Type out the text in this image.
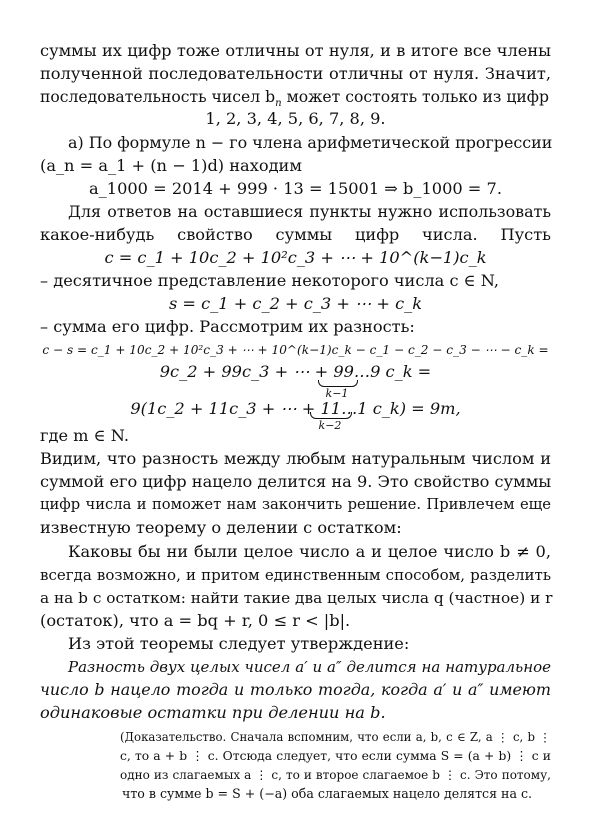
суммы их цифр тоже отличны от нуля, и в итоге все члены
полученной последовательности отличны от нуля. Значит,
последовательность чисел $b_n$ может состоять только из цифр
1, 2, 3, 4, 5, 6, 7, 8, 9.
а) По формуле n − го члена арифметической прогрессии
(a_n = a_1 + (n − 1)d) находим
a_1000 = 2014 + 999 · 13 = 15001 ⇒ b_1000 = 7.
Для ответов на оставшиеся пункты нужно использовать
какое-нибудь свойство суммы цифр числа. Пусть
c = c_1 + 10c_2 + 10²c_3 + ⋯ + 10^(k−1)c_k
– десятичное представление некоторого числа c ∈ N,
s = c_1 + c_2 + c_3 + ⋯ + c_k
– сумма его цифр. Рассмотрим их разность:
c − s = c_1 + 10c_2 + 10²c_3 + ⋯ + 10^(k−1)c_k − c_1 − c_2 − c_3 − ⋯ − c_k =
9c_2 + 99c_3 + ⋯ + 99…9 c_k =
k−1
9(1c_2 + 11c_3 + ⋯ + 11…1 c_k) = 9m,
k−2
где m ∈ N.
Видим, что разность между любым натуральным числом и
суммой его цифр нацело делится на 9. Это свойство суммы
цифр числа и поможет нам закончить решение. Привлечем еще
известную теорему о делении с остатком:
Каковы бы ни были целое число a и целое число b ≠ 0,
всегда возможно, и притом единственным способом, разделить
a на b с остатком: найти такие два целых числа q (частное) и r
(остаток), что a = bq + r, 0 ≤ r < |b|.
Из этой теоремы следует утверждение:
Разность двух целых чисел a′ и a″ делится на натуральное
число b нацело тогда и только тогда, когда a′ и a″ имеют
одинаковые остатки при делении на b.
(Доказательство. Сначала вспомним, что если a, b, c ∈ Z, a ⋮ c, b ⋮
c, то a + b ⋮ c. Отсюда следует, что если сумма S = (a + b) ⋮ c и
одно из слагаемых a ⋮ c, то и второе слагаемое b ⋮ c. Это потому,
что в сумме b = S + (−a) оба слагаемых нацело делятся на c.
